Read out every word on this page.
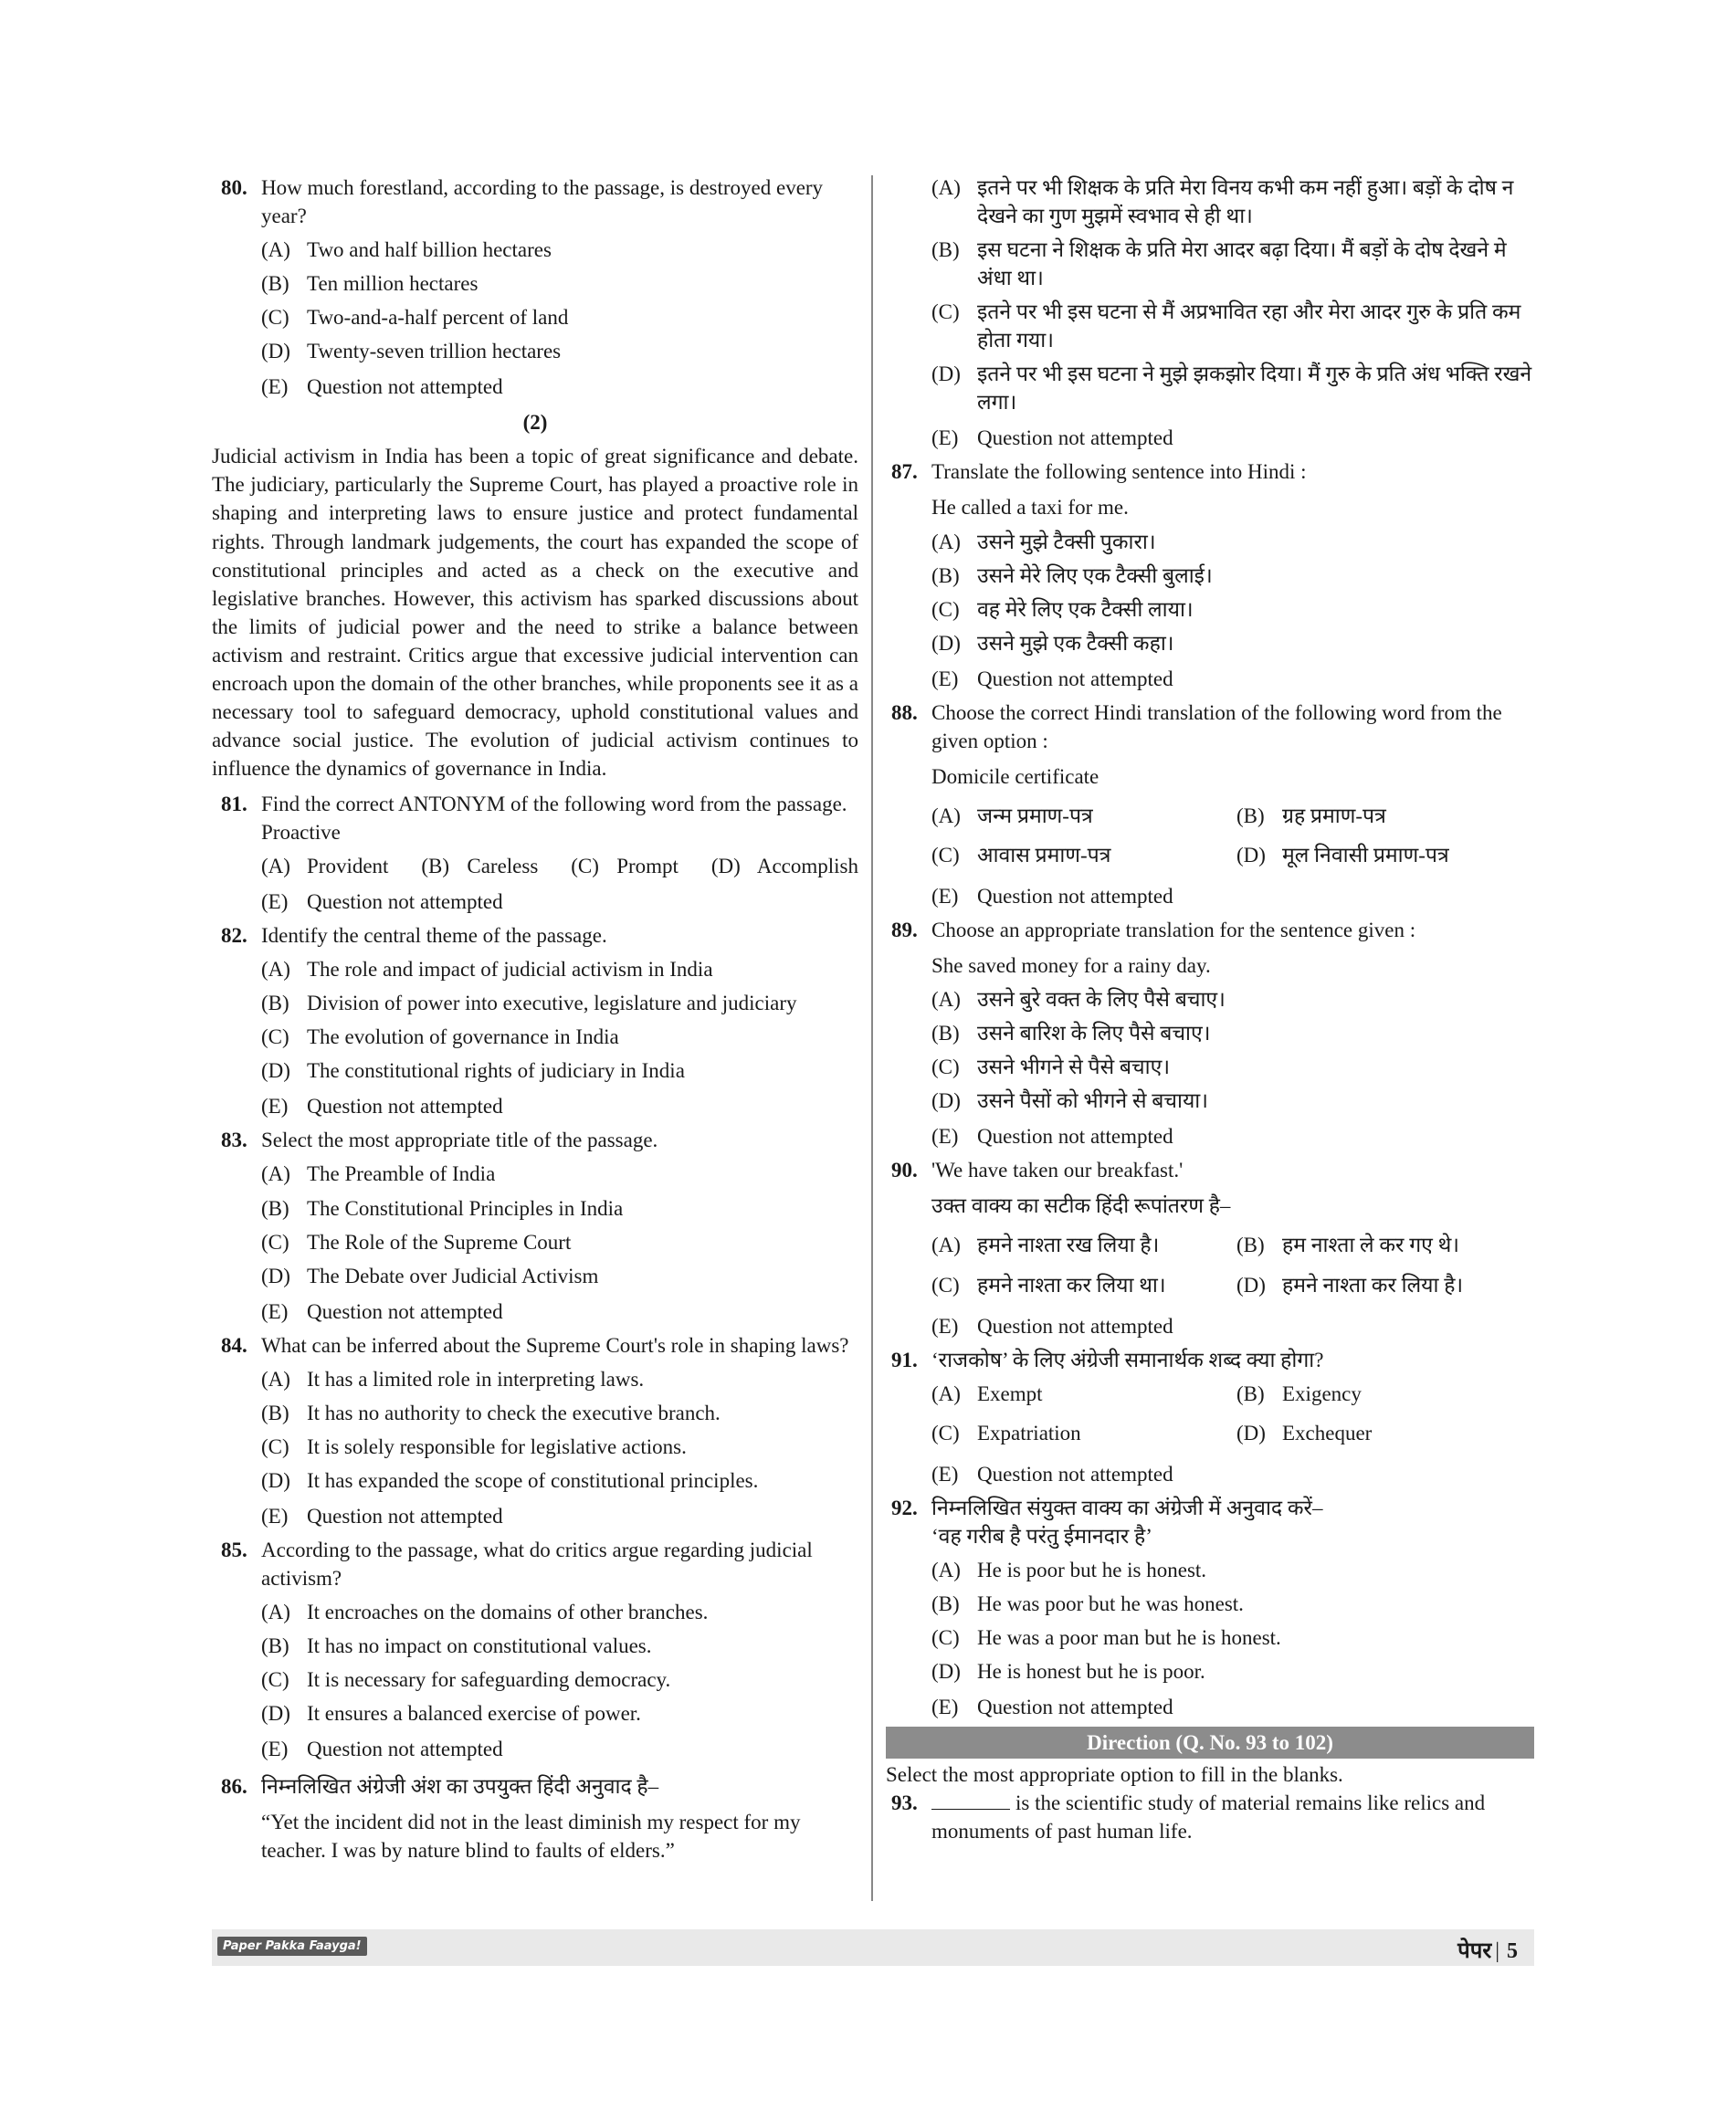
80. How much forestland, according to the passage, is destroyed every year?
(A) Two and half billion hectares
(B) Ten million hectares
(C) Two-and-a-half percent of land
(D) Twenty-seven trillion hectares
(E) Question not attempted
(2)
Judicial activism in India has been a topic of great significance and debate. The judiciary, particularly the Supreme Court, has played a proactive role in shaping and interpreting laws to ensure justice and protect fundamental rights. Through landmark judgements, the court has expanded the scope of constitutional principles and acted as a check on the executive and legislative branches. However, this activism has sparked discussions about the limits of judicial power and the need to strike a balance between activism and restraint. Critics argue that excessive judicial intervention can encroach upon the domain of the other branches, while proponents see it as a necessary tool to safeguard democracy, uphold constitutional values and advance social justice. The evolution of judicial activism continues to influence the dynamics of governance in India.
81. Find the correct ANTONYM of the following word from the passage. Proactive
(A) Provident (B) Careless (C) Prompt (D) Accomplish
(E) Question not attempted
82. Identify the central theme of the passage.
(A) The role and impact of judicial activism in India
(B) Division of power into executive, legislature and judiciary
(C) The evolution of governance in India
(D) The constitutional rights of judiciary in India
(E) Question not attempted
83. Select the most appropriate title of the passage.
(A) The Preamble of India
(B) The Constitutional Principles in India
(C) The Role of the Supreme Court
(D) The Debate over Judicial Activism
(E) Question not attempted
84. What can be inferred about the Supreme Court's role in shaping laws?
(A) It has a limited role in interpreting laws.
(B) It has no authority to check the executive branch.
(C) It is solely responsible for legislative actions.
(D) It has expanded the scope of constitutional principles.
(E) Question not attempted
85. According to the passage, what do critics argue regarding judicial activism?
(A) It encroaches on the domains of other branches.
(B) It has no impact on constitutional values.
(C) It is necessary for safeguarding democracy.
(D) It ensures a balanced exercise of power.
(E) Question not attempted
86. निम्नलिखित अंग्रेजी अंश का उपयुक्त हिंदी अनुवाद है–
“Yet the incident did not in the least diminish my respect for my teacher. I was by nature blind to faults of elders.”
(A) इतने पर भी शिक्षक के प्रति मेरा विनय कभी कम नहीं हुआ। बड़ों के दोष न देखने का गुण मुझमें स्वभाव से ही था।
(B) इस घटना ने शिक्षक के प्रति मेरा आदर बढ़ा दिया। मैं बड़ों के दोष देखने मे अंधा था।
(C) इतने पर भी इस घटना से मैं अप्रभावित रहा और मेरा आदर गुरु के प्रति कम होता गया।
(D) इतने पर भी इस घटना ने मुझे झकझोर दिया। मैं गुरु के प्रति अंध भक्ति रखने लगा।
(E) Question not attempted
87. Translate the following sentence into Hindi :
He called a taxi for me.
(A) उसने मुझे टैक्सी पुकारा।
(B) उसने मेरे लिए एक टैक्सी बुलाई।
(C) वह मेरे लिए एक टैक्सी लाया।
(D) उसने मुझे एक टैक्सी कहा।
(E) Question not attempted
88. Choose the correct Hindi translation of the following word from the given option :
Domicile certificate
(A) जन्म प्रमाण-पत्र	(B) ग्रह प्रमाण-पत्र
(C) आवास प्रमाण-पत्र	(D) मूल निवासी प्रमाण-पत्र
(E) Question not attempted
89. Choose an appropriate translation for the sentence given :
She saved money for a rainy day.
(A) उसने बुरे वक्त के लिए पैसे बचाए।
(B) उसने बारिश के लिए पैसे बचाए।
(C) उसने भीगने से पैसे बचाए।
(D) उसने पैसों को भीगने से बचाया।
(E) Question not attempted
90. 'We have taken our breakfast.'
उक्त वाक्य का सटीक हिंदी रूपांतरण है–
(A) हमने नाश्ता रख लिया है।	(B) हम नाश्ता ले कर गए थे।
(C) हमने नाश्ता कर लिया था।	(D) हमने नाश्ता कर लिया है।
(E) Question not attempted
91. ‘राजकोष’ के लिए अंग्रेजी समानार्थक शब्द क्या होगा?
(A) Exempt	(B) Exigency
(C) Expatriation	(D) Exchequer
(E) Question not attempted
92. निम्नलिखित संयुक्त वाक्य का अंग्रेजी में अनुवाद करें–
‘वह गरीब है परंतु ईमानदार है’
(A) He is poor but he is honest.
(B) He was poor but he was honest.
(C) He was a poor man but he is honest.
(D) He is honest but he is poor.
(E) Question not attempted
Direction (Q. No. 93 to 102)
Select the most appropriate option to fill in the blanks.
93.	is the scientific study of material remains like relics and monuments of past human life.
Paper Pakka Faayga!	पेपर | 5
